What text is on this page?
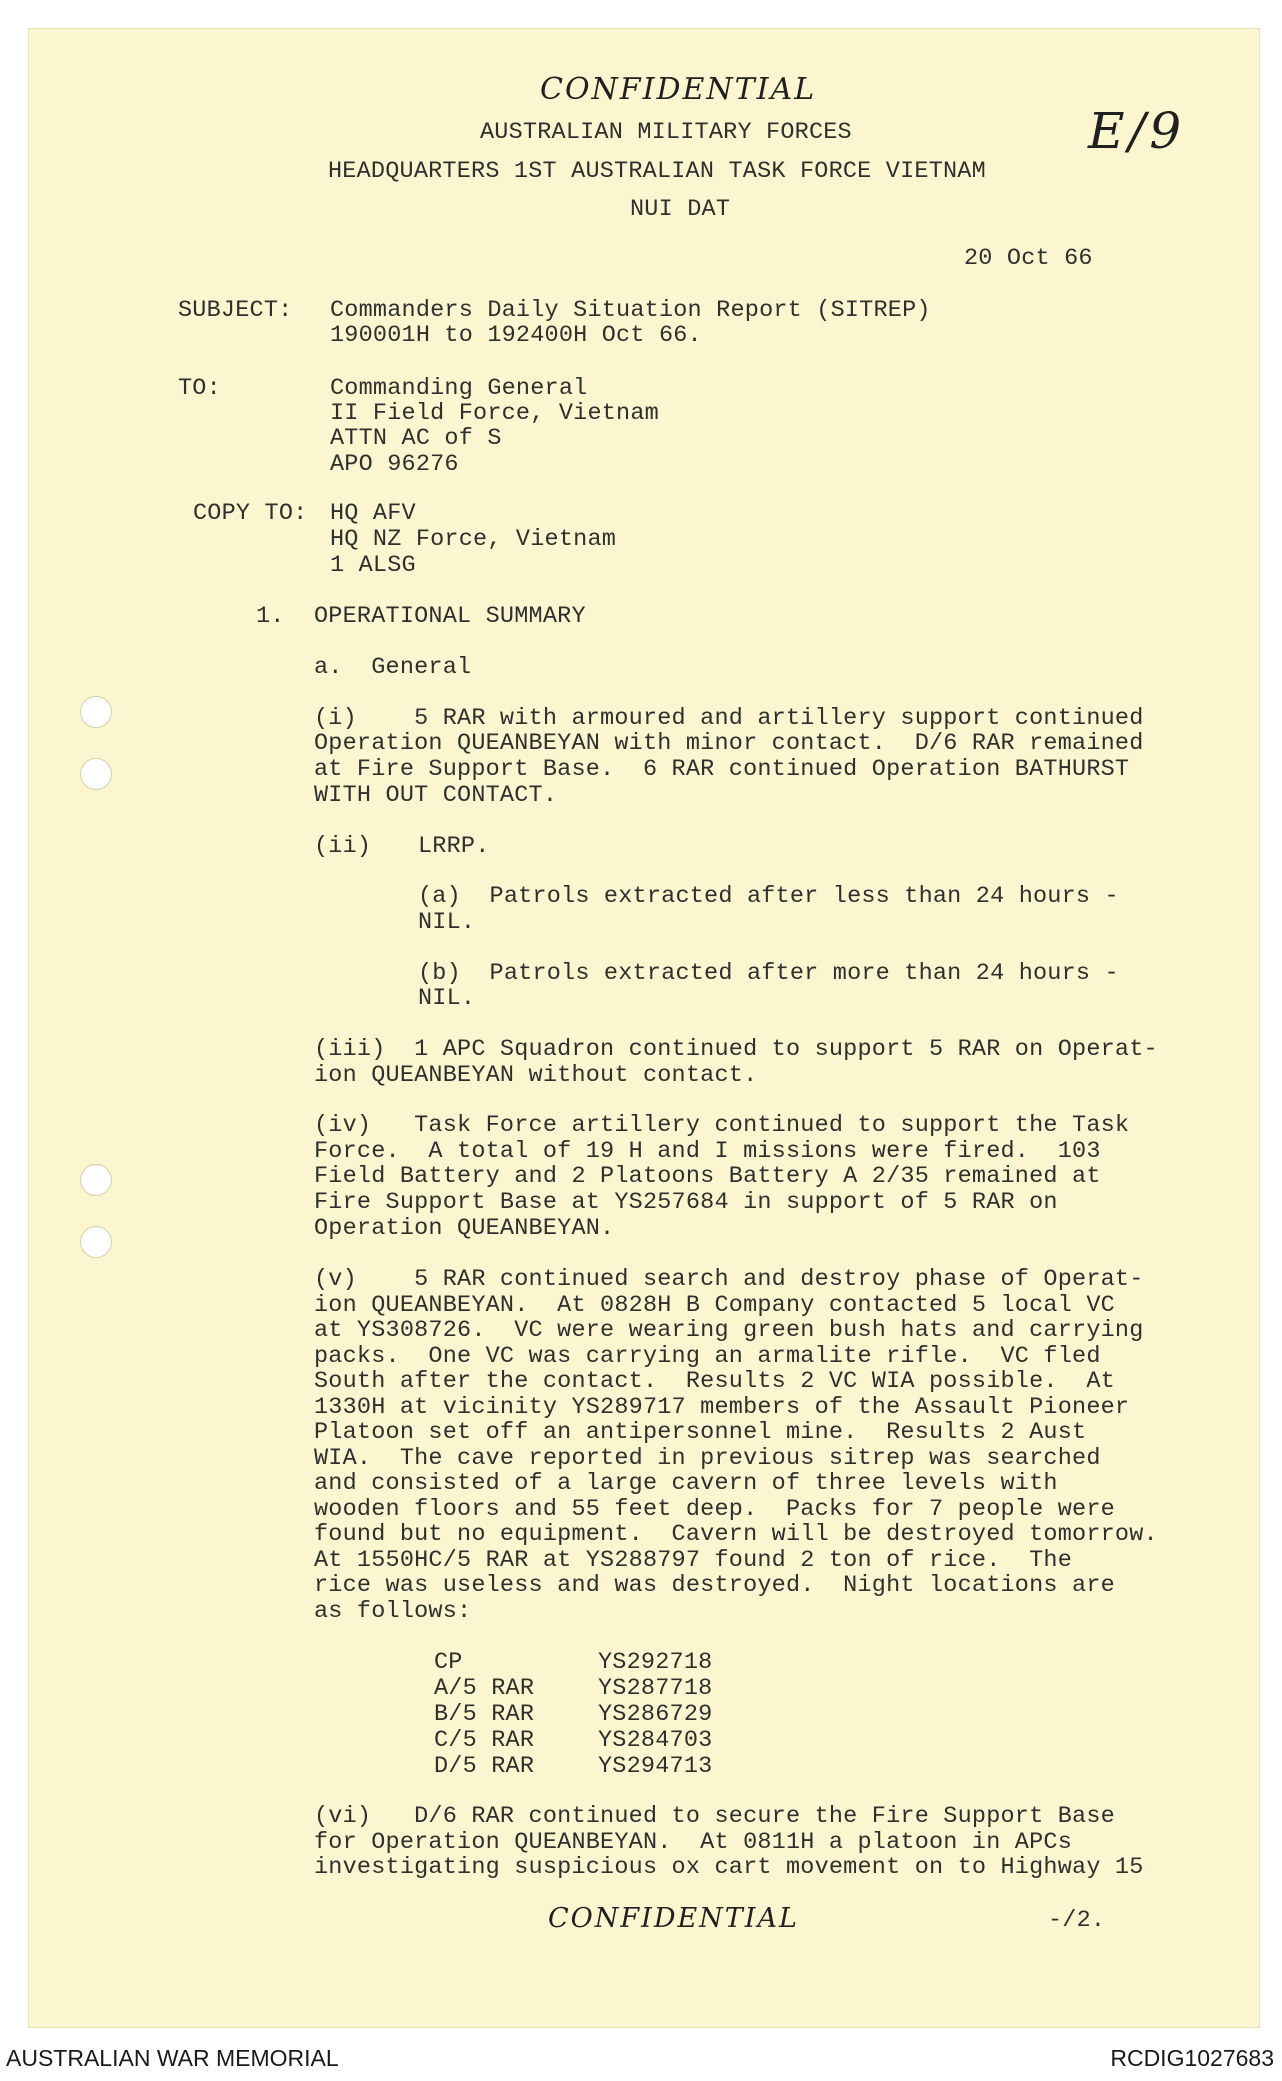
CONFIDENTIAL
E/9
AUSTRALIAN MILITARY FORCES
HEADQUARTERS 1ST AUSTRALIAN TASK FORCE VIETNAM
NUI DAT
20 Oct 66
SUBJECT: Commanders Daily Situation Report (SITREP)
190001H to 192400H Oct 66.
TO:	Commanding General
II Field Force, Vietnam
ATTN AC of S
APO 96276
COPY TO: HQ AFV
HQ NZ Force, Vietnam
1 ALSG
1. OPERATIONAL SUMMARY
a.  General
(i)    5 RAR with armoured and artillery support continued
Operation QUEANBEYAN with minor contact.  D/6 RAR remained
at Fire Support Base.  6 RAR continued Operation BATHURST
WITH OUT CONTACT.
(ii) LRRP.
(a)  Patrols extracted after less than 24 hours -
NIL.
(b)  Patrols extracted after more than 24 hours -
NIL.
(iii)  1 APC Squadron continued to support 5 RAR on Operat-
ion QUEANBEYAN without contact.
(iv)   Task Force artillery continued to support the Task
Force.  A total of 19 H and I missions were fired.  103
Field Battery and 2 Platoons Battery A 2/35 remained at
Fire Support Base at YS257684 in support of 5 RAR on
Operation QUEANBEYAN.
(v)    5 RAR continued search and destroy phase of Operat-
ion QUEANBEYAN.  At 0828H B Company contacted 5 local VC
at YS308726.  VC were wearing green bush hats and carrying
packs.  One VC was carrying an armalite rifle.  VC fled
South after the contact.  Results 2 VC WIA possible.  At
1330H at vicinity YS289717 members of the Assault Pioneer
Platoon set off an antipersonnel mine.  Results 2 Aust
WIA.  The cave reported in previous sitrep was searched
and consisted of a large cavern of three levels with
wooden floors and 55 feet deep.  Packs for 7 people were
found but no equipment.  Cavern will be destroyed tomorrow.
At 1550HC/5 RAR at YS288797 found 2 ton of rice.  The
rice was useless and was destroyed.  Night locations are
as follows:
CP	YS292718
A/5 RAR	YS287718
B/5 RAR	YS286729
C/5 RAR	YS284703
D/5 RAR	YS294713
(vi)   D/6 RAR continued to secure the Fire Support Base
for Operation QUEANBEYAN.  At 0811H a platoon in APCs
investigating suspicious ox cart movement on to Highway 15
CONFIDENTIAL	-/2.
AUSTRALIAN WAR MEMORIAL	RCDIG1027683
